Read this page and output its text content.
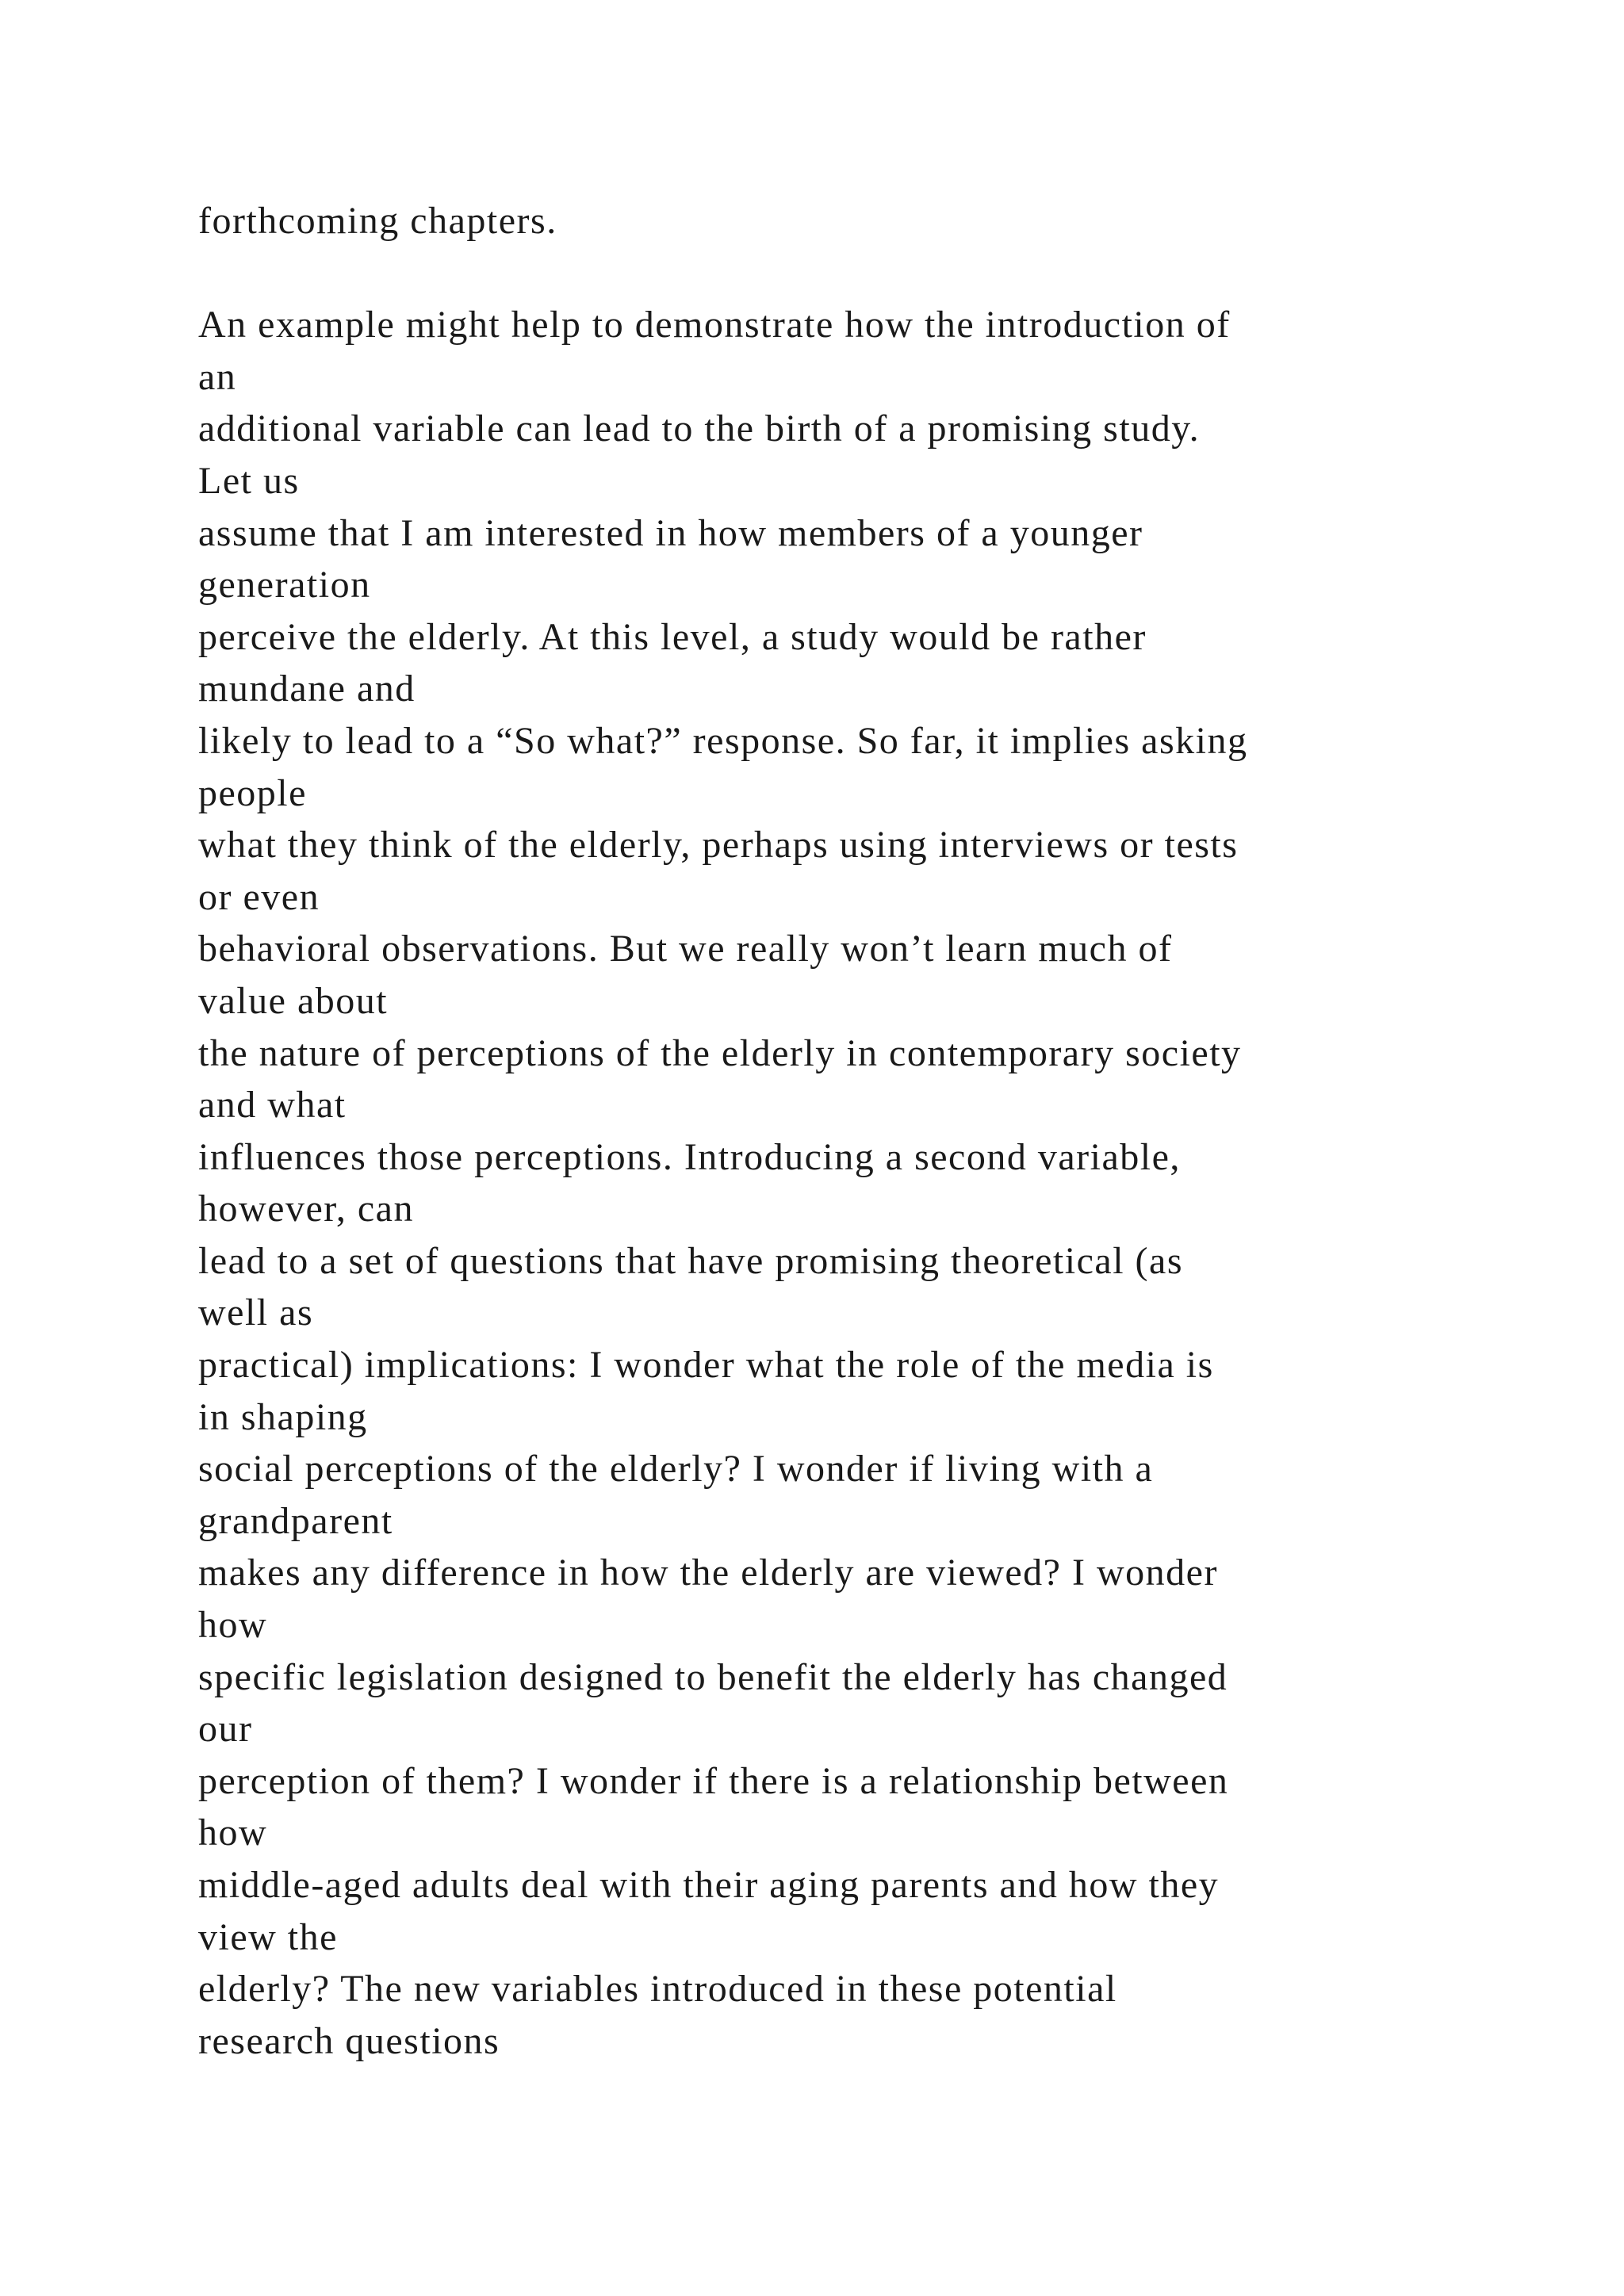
forthcoming chapters.
An example might help to demonstrate how the introduction of
an
additional variable can lead to the birth of a promising study.
Let us
assume that I am interested in how members of a younger
generation
perceive the elderly. At this level, a study would be rather
mundane and
likely to lead to a “So what?” response. So far, it implies asking
people
what they think of the elderly, perhaps using interviews or tests
or even
behavioral observations. But we really won’t learn much of
value about
the nature of perceptions of the elderly in contemporary society
and what
influences those perceptions. Introducing a second variable,
however, can
lead to a set of questions that have promising theoretical (as
well as
practical) implications: I wonder what the role of the media is
in shaping
social perceptions of the elderly? I wonder if living with a
grandparent
makes any difference in how the elderly are viewed? I wonder
how
specific legislation designed to benefit the elderly has changed
our
perception of them? I wonder if there is a relationship between
how
middle-aged adults deal with their aging parents and how they
view the
elderly? The new variables introduced in these potential
research questions
